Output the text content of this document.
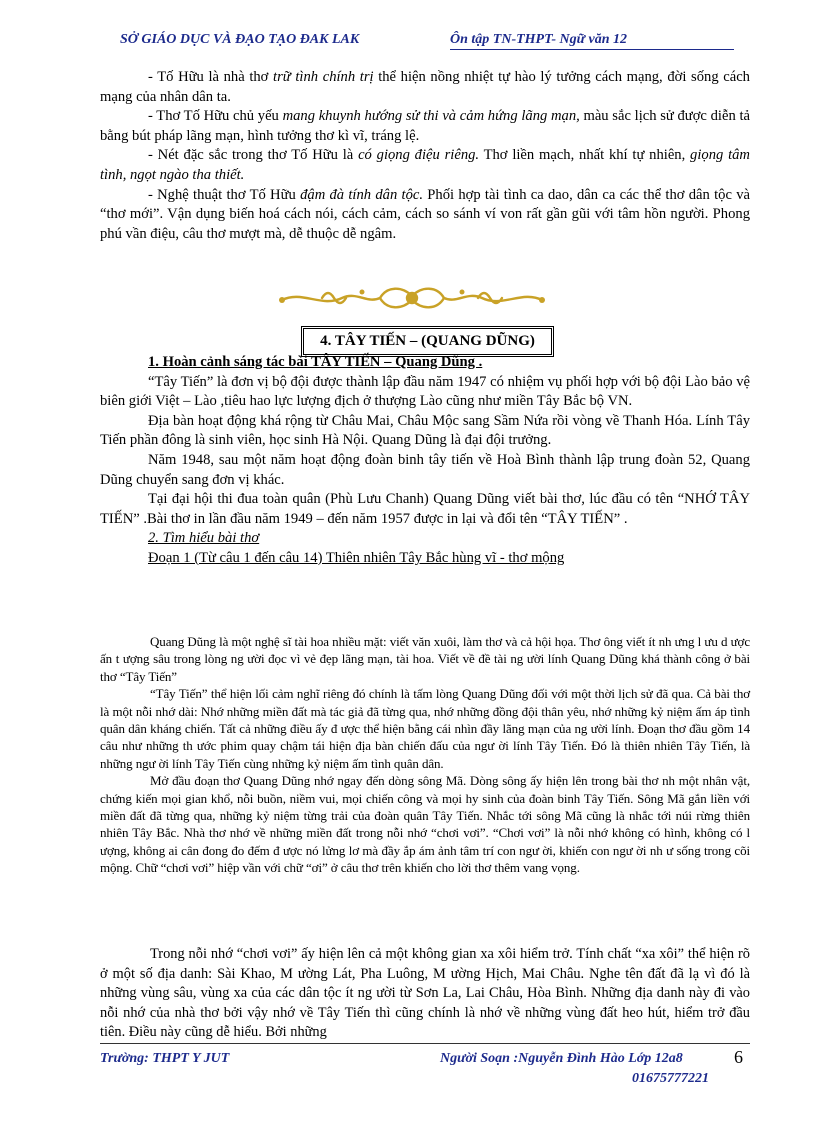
SỞ GIÁO DỤC VÀ ĐẠO TẠO ĐAK LAK	Ôn tập TN-THPT- Ngữ văn 12

- Tố Hữu là nhà thơ trữ tình chính trị thể hiện nồng nhiệt tự hào lý tưởng cách mạng, đời sống cách mạng của nhân dân ta.

- Thơ Tố Hữu chủ yếu mang khuynh hướng sử thi và cảm hứng lãng mạn, màu sắc lịch sử được diễn tả bằng bút pháp lãng mạn, hình tưởng thơ kì vĩ, tráng lệ.

- Nét đặc sắc trong thơ Tố Hữu là có giọng điệu riêng. Thơ liền mạch, nhất khí tự nhiên, giọng tâm tình, ngọt ngào tha thiết.

- Nghệ thuật thơ Tố Hữu đậm đà tính dân tộc. Phối hợp tài tình ca dao, dân ca các thể thơ dân tộc và “thơ mới”. Vận dụng biến hoá cách nói, cách cảm, cách so sánh ví von rất gần gũi với tâm hồn người. Phong phú vần điệu, câu thơ mượt mà, dễ thuộc dễ ngâm.

4. TÂY TIẾN – (QUANG DŨNG)

1. Hoàn cảnh sáng tác bài TÂY TIẾN – Quang Dũng .

“Tây Tiến” là đơn vị bộ đội được thành lập đầu năm 1947 có nhiệm vụ phối hợp với bộ đội Lào bảo vệ biên giới Việt – Lào ,tiêu hao lực lượng địch ở thượng Lào cũng như miền Tây Bắc bộ VN.

Địa bàn hoạt động khá rộng từ Châu Mai, Châu Mộc sang Sầm Nứa rồi vòng về Thanh Hóa. Lính Tây Tiến phần đông là sinh viên, học sinh Hà Nội. Quang Dũng là đại đội trưởng.

Năm 1948, sau một năm hoạt động đoàn binh tây tiến về Hoà Bình thành lập trung đoàn 52, Quang Dũng chuyển sang đơn vị khác.

Tại đại hội thi đua toàn quân (Phù Lưu Chanh) Quang Dũng viết bài thơ, lúc đầu có tên “NHỚ TÂY TIẾN” .Bài thơ in lần đầu năm 1949 – đến năm 1957 được in lại và đổi tên “TÂY TIẾN” .

2. Tìm hiểu bài thơ

Đoạn 1 (Từ câu 1 đến câu 14) Thiên nhiên Tây Bắc hùng vĩ - thơ mộng

Quang Dũng là một nghệ sĩ tài hoa nhiều mặt: viết văn xuôi, làm thơ và cả hội họa. Thơ ông viết ít nh ưng l ưu d ược ấn t ượng sâu trong lòng ng ười đọc vì vẻ đẹp lãng mạn, tài hoa. Viết về đề tài ng ười lính Quang Dũng khá thành công ở bài thơ “Tây Tiến”

“Tây Tiến” thể hiện lối cảm nghĩ riêng đó chính là tấm lòng Quang Dũng đối với một thời lịch sử đã qua. Cả bài thơ là một nỗi nhớ dài: Nhớ những miền đất mà tác giả đã từng qua, nhớ những đồng đội thân yêu, nhớ những kỷ niệm ấm áp tình quân dân kháng chiến. Tất cả những điều ấy đ ược thể hiện bằng cái nhìn đầy lãng mạn của ng ười lính. Đoạn thơ đầu gồm 14 câu như những th ước phim quay chậm tái hiện địa bàn chiến đấu của ngư ời lính Tây Tiến. Đó là thiên nhiên Tây Tiến, là những ngư ời lính Tây Tiến cùng những kỷ niệm ấm tình quân dân.

Mở đầu đoạn thơ Quang Dũng nhớ ngay đến dòng sông Mã. Dòng sông ấy hiện lên trong bài thơ nh một nhân vật, chứng kiến mọi gian khổ, nỗi buồn, niềm vui, mọi chiến công và mọi hy sinh của đoàn binh Tây Tiến. Sông Mã gắn liền với miền đất đã từng qua, những kỷ niệm từng trải của đoàn quân Tây Tiến. Nhắc tới sông Mã cũng là nhắc tới núi rừng thiên nhiên Tây Bắc. Nhà thơ nhớ về những miền đất trong nỗi nhớ “chơi vơi”. “Chơi vơi” là nỗi nhớ không có hình, không có l ượng, không ai cân đong đo đếm đ ược nó lửng lơ mà đầy ắp ám ảnh tâm trí con ngư ời, khiến con ngư ời nh ư sống trong cõi mộng. Chữ “chơi vơi” hiệp vần với chữ “ơi” ở câu thơ trên khiến cho lời thơ thêm vang vọng.

Trong nỗi nhớ “chơi vơi” ấy hiện lên cả một không gian xa xôi hiểm trở. Tính chất “xa xôi” thể hiện rõ ở một số địa danh: Sài Khao, M ường Lát, Pha Luông, M ường Hịch, Mai Châu. Nghe tên đất đã lạ vì đó là những vùng sâu, vùng xa của các dân tộc ít ng ười từ Sơn La, Lai Châu, Hòa Bình. Những địa danh này đi vào nỗi nhớ của nhà thơ bởi vậy nhớ về Tây Tiến thì cũng chính là nhớ về những vùng đất heo hút, hiểm trở đầu tiên. Điều này cũng dễ hiểu. Bởi những

Trường: THPT Y JUT	Người Soạn :Nguyễn Đình Hào Lớp 12a8
01675777221
6
